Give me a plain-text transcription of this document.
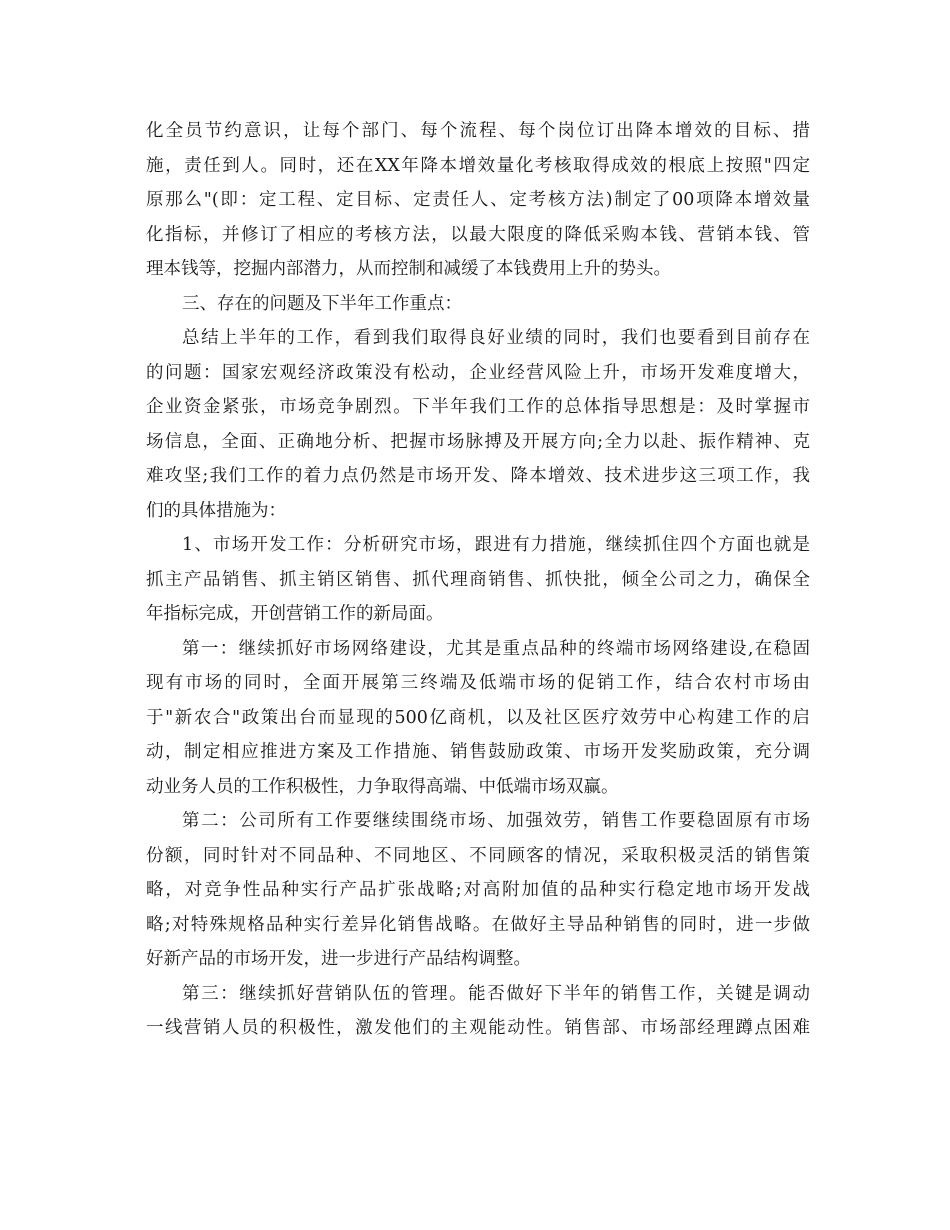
化全员节约意识，让每个部门、每个流程、每个岗位订出降本增效的目标、措
施，责任到人。同时，还在XX年降本增效量化考核取得成效的根底上按照"四定
原那么"(即：定工程、定目标、定责任人、定考核方法)制定了00项降本增效量
化指标，并修订了相应的考核方法，以最大限度的降低采购本钱、营销本钱、管
理本钱等，挖掘内部潜力，从而控制和减缓了本钱费用上升的势头。
三、存在的问题及下半年工作重点：
总结上半年的工作，看到我们取得良好业绩的同时，我们也要看到目前存在
的问题：国家宏观经济政策没有松动，企业经营风险上升，市场开发难度增大，
企业资金紧张，市场竞争剧烈。下半年我们工作的总体指导思想是：及时掌握市
场信息，全面、正确地分析、把握市场脉搏及开展方向;全力以赴、振作精神、克
难攻坚;我们工作的着力点仍然是市场开发、降本增效、技术进步这三项工作，我
们的具体措施为：
1、市场开发工作：分析研究市场，跟进有力措施，继续抓住四个方面也就是
抓主产品销售、抓主销区销售、抓代理商销售、抓快批，倾全公司之力，确保全
年指标完成，开创营销工作的新局面。
第一：继续抓好市场网络建设，尤其是重点品种的终端市场网络建设,在稳固
现有市场的同时，全面开展第三终端及低端市场的促销工作，结合农村市场由
于"新农合"政策出台而显现的500亿商机，以及社区医疗效劳中心构建工作的启
动，制定相应推进方案及工作措施、销售鼓励政策、市场开发奖励政策，充分调
动业务人员的工作积极性，力争取得高端、中低端市场双赢。
第二：公司所有工作要继续围绕市场、加强效劳，销售工作要稳固原有市场
份额，同时针对不同品种、不同地区、不同顾客的情况，采取积极灵活的销售策
略，对竞争性品种实行产品扩张战略;对高附加值的品种实行稳定地市场开发战
略;对特殊规格品种实行差异化销售战略。在做好主导品种销售的同时，进一步做
好新产品的市场开发，进一步进行产品结构调整。
第三：继续抓好营销队伍的管理。能否做好下半年的销售工作，关键是调动
一线营销人员的积极性，激发他们的主观能动性。销售部、市场部经理蹲点困难
